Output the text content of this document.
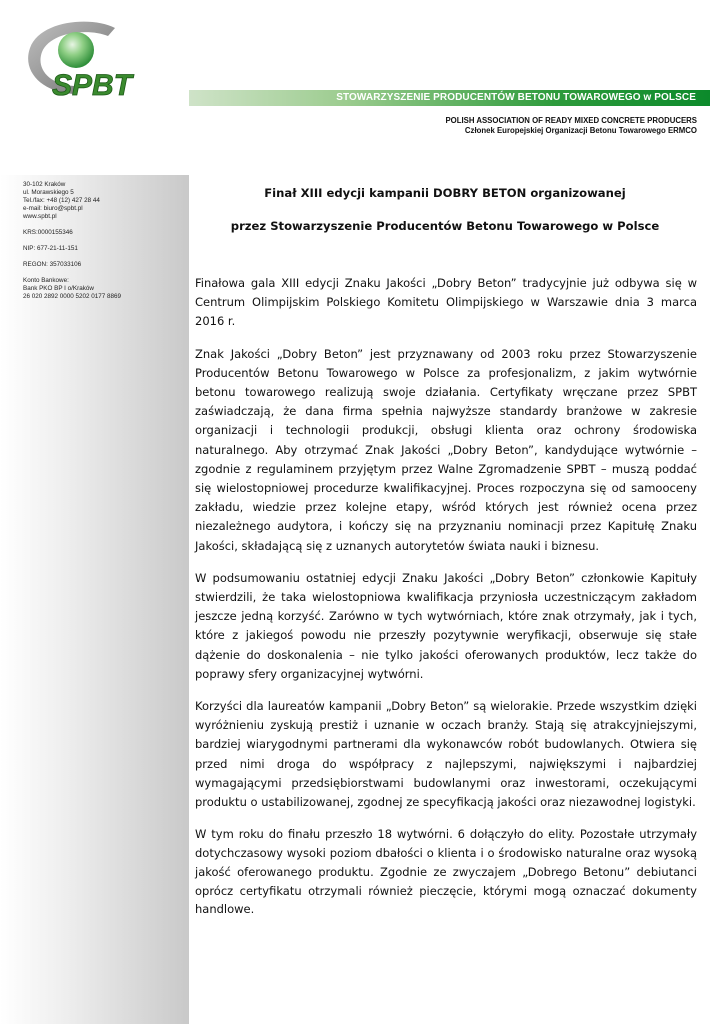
SPBT	STOWARZYSZENIE PRODUCENTÓW BETONU TOWAROWEGO w POLSCE
POLISH ASSOCIATION OF READY MIXED CONCRETE PRODUCERS
Członek Europejskiej Organizacji Betonu Towarowego ERMCO
30-102 Kraków
ul. Morawskiego 5
Tel./fax: +48 (12) 427 28 44
e-mail: biuro@spbt.pl
www.spbt.pl
KRS:0000155346
NIP: 677-21-11-151
REGON: 357033106
Konto Bankowe:
Bank PKO BP I o/Kraków
26 020 2892 0000 5202 0177 8869
Finał XIII edycji kampanii DOBRY BETON organizowanej
przez Stowarzyszenie Producentów Betonu Towarowego w Polsce

Finałowa gala XIII edycji Znaku Jakości „Dobry Beton” tradycyjnie już odbywa się w Centrum Olimpijskim Polskiego Komitetu Olimpijskiego w Warszawie dnia 3 marca 2016 r.

Znak Jakości „Dobry Beton” jest przyznawany od 2003 roku przez Stowarzyszenie Producentów Betonu Towarowego w Polsce za profesjonalizm, z jakim wytwórnie betonu towarowego realizują swoje działania. Certyfikaty wręczane przez SPBT zaświadczają, że dana firma spełnia najwyższe standardy branżowe w zakresie organizacji i technologii produkcji, obsługi klienta oraz ochrony środowiska naturalnego. Aby otrzymać Znak Jakości „Dobry Beton”, kandydujące wytwórnie – zgodnie z regulaminem przyjętym przez Walne Zgromadzenie SPBT – muszą poddać się wielostopniowej procedurze kwalifikacyjnej. Proces rozpoczyna się od samooceny zakładu, wiedzie przez kolejne etapy, wśród których jest również ocena przez niezależnego audytora, i kończy się na przyznaniu nominacji przez Kapitułę Znaku Jakości, składającą się z uznanych autorytetów świata nauki i biznesu.

W podsumowaniu ostatniej edycji Znaku Jakości „Dobry Beton” członkowie Kapituły stwierdzili, że taka wielostopniowa kwalifikacja przyniosła uczestniczącym zakładom jeszcze jedną korzyść. Zarówno w tych wytwórniach, które znak otrzymały, jak i tych, które z jakiegoś powodu nie przeszły pozytywnie weryfikacji, obserwuje się stałe dążenie do doskonalenia – nie tylko jakości oferowanych produktów, lecz także do poprawy sfery organizacyjnej wytwórni.

Korzyści dla laureatów kampanii „Dobry Beton” są wielorakie. Przede wszystkim dzięki wyróżnieniu zyskują prestiż i uznanie w oczach branży. Stają się atrakcyjniejszymi, bardziej wiarygodnymi partnerami dla wykonawców robót budowlanych. Otwiera się przed nimi droga do współpracy z najlepszymi, największymi i najbardziej wymagającymi przedsiębiorstwami budowlanymi oraz inwestorami, oczekującymi produktu o ustabilizowanej, zgodnej ze specyfikacją jakości oraz niezawodnej logistyki.

W tym roku do finału przeszło 18 wytwórni. 6 dołączyło do elity. Pozostałe utrzymały dotychczasowy wysoki poziom dbałości o klienta i o środowisko naturalne oraz wysoką jakość oferowanego produktu. Zgodnie ze zwyczajem „Dobrego Betonu” debiutanci oprócz certyfikatu otrzymali również pieczęcie, którymi mogą oznaczać dokumenty handlowe.
